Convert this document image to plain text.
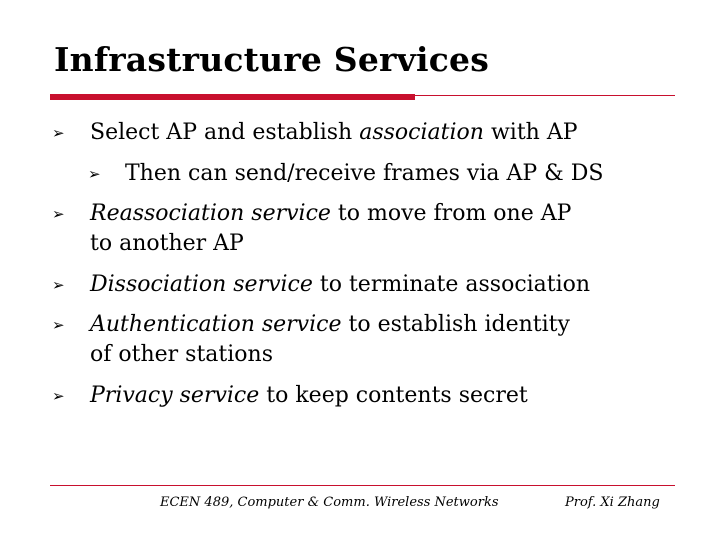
Infrastructure Services
➢ Select AP and establish association with AP
➢ Then can send/receive frames via AP & DS
➢ Reassociation service to move from one AP
to another AP
➢ Dissociation service to terminate association
➢ Authentication service to establish identity
of other stations
➢ Privacy service to keep contents secret
ECEN 489, Computer & Comm. Wireless Networks	Prof. Xi Zhang
